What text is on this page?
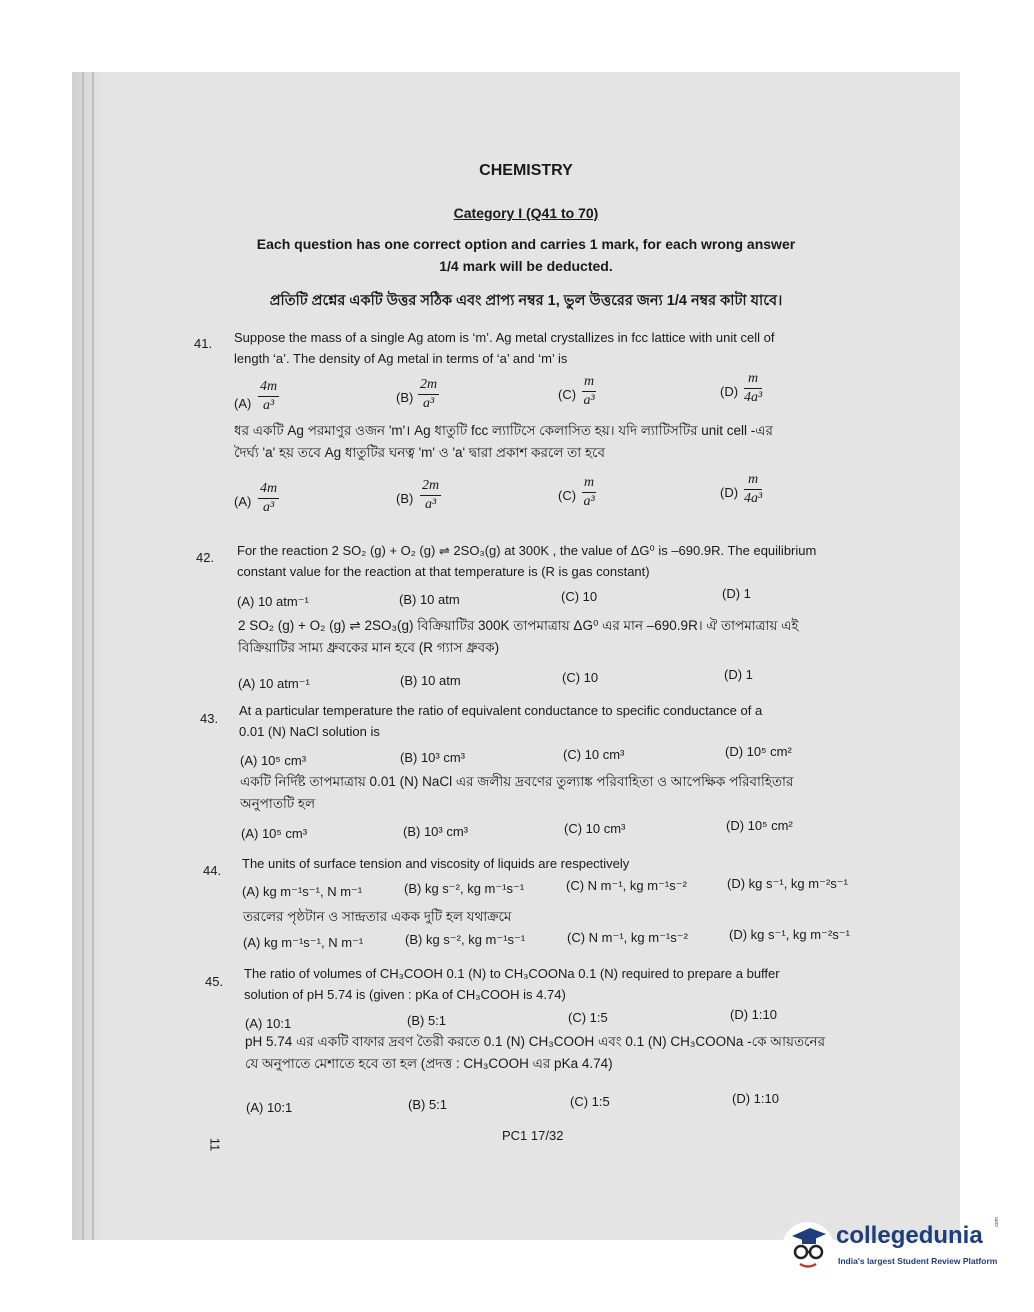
CHEMISTRY
Category I (Q41 to 70)
Each question has one correct option and carries 1 mark, for each wrong answer
1/4 mark will be deducted.
প্রতিটি প্রশ্নের একটি উত্তর সঠিক এবং প্রাপ্য নম্বর 1, ভুল উত্তরের জন্য 1/4 নম্বর কাটা যাবে।
41. Suppose the mass of a single Ag atom is ‘m’. Ag metal crystallizes in fcc lattice with unit cell of
length ‘a’. The density of Ag metal in terms of ‘a’ and ‘m’ is
$(A) \frac{4m}{\text{a³}}$	$(B) \frac{2m}{\text{a³}}$	$(C) \frac{m}{\text{a³}}$	$(D) \frac{m}{\text{4a³}}$
ধর একটি Ag পরমাণুর ওজন 'm'। Ag ধাতুটি fcc ল্যাটিসে কেলাসিত হয়। যদি ল্যাটিসটির unit cell -এর
দৈর্ঘ্য 'a' হয় তবে Ag ধাতুটির ঘনত্ব 'm' ও 'a' দ্বারা প্রকাশ করলে তা হবে
$(A) \frac{4m}{\text{a³}}$	$(B) \frac{2m}{\text{a³}}$	$(C) \frac{m}{\text{a³}}$	$(D) \frac{m}{\text{4a³}}$
42. For the reaction 2 SO₂ (g) + O₂ (g) ⇌ 2SO₃(g) at 300K , the value of ΔG⁰ is –690.9R. The equilibrium
constant value for the reaction at that temperature is (R is gas constant)
(A) 10 atm⁻¹	(B) 10 atm	(C) 10	(D) 1
2 SO₂ (g) + O₂ (g) ⇌ 2SO₃(g) বিক্রিয়াটির 300K তাপমাত্রায় ΔG⁰ এর মান –690.9R। ঐ তাপমাত্রায় এই
বিক্রিয়াটির সাম্য ধ্রুবকের মান হবে (R গ্যাস ধ্রুবক)
(A) 10 atm⁻¹	(B) 10 atm	(C) 10	(D) 1
43.
At a particular temperature the ratio of equivalent conductance to specific conductance of a
0.01 (N) NaCl solution is
(A) 10⁵ cm³	(B) 10³ cm³	(C) 10 cm³	(D) 10⁵ cm²
একটি নির্দিষ্ট তাপমাত্রায় 0.01 (N) NaCl এর জলীয় দ্রবণের তুল্যাঙ্ক পরিবাহিতা ও আপেক্ষিক পরিবাহিতার
অনুপাতটি হল
(A) 10⁵ cm³	(B) 10³ cm³	(C) 10 cm³	(D) 10⁵ cm²
44. The units of surface tension and viscosity of liquids are respectively
(A) kg m⁻¹s⁻¹, N m⁻¹	(B) kg s⁻², kg m⁻¹s⁻¹	(C) N m⁻¹, kg m⁻¹s⁻²	(D) kg s⁻¹, kg m⁻²s⁻¹
তরলের পৃষ্ঠটান ও সান্দ্রতার একক দুটি হল যথাক্রমে
(A) kg m⁻¹s⁻¹, N m⁻¹	(B) kg s⁻², kg m⁻¹s⁻¹	(C) N m⁻¹, kg m⁻¹s⁻²	(D) kg s⁻¹, kg m⁻²s⁻¹
45.
The ratio of volumes of CH₃COOH 0.1 (N) to CH₃COONa 0.1 (N) required to prepare a buffer
solution of pH 5.74 is (given : pKa of CH₃COOH is 4.74)
(A) 10:1	(B) 5:1	(C) 1:5	(D) 1:10
pH 5.74 এর একটি বাফার দ্রবণ তৈরী করতে 0.1 (N) CH₃COOH এবং 0.1 (N) CH₃COONa -কে আয়তনের
যে অনুপাতে মেশাতে হবে তা হল (প্রদত্ত : CH₃COOH এর pKa 4.74)
(A) 10:1	(B) 5:1	(C) 1:5	(D) 1:10
PC1 17/32
11
collegedunia .com
India's largest Student Review Platform
